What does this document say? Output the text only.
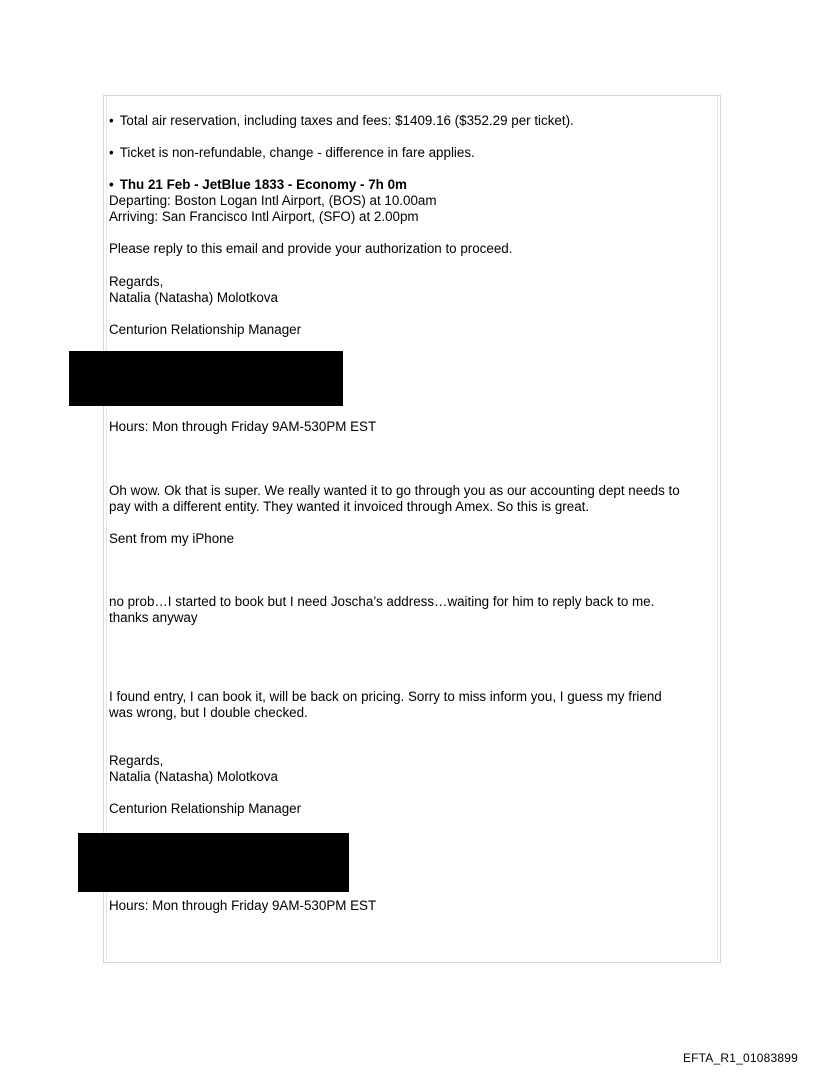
• Total air reservation, including taxes and fees: $1409.16 ($352.29 per ticket).
• Ticket is non-refundable, change - difference in fare applies.
• Thu 21 Feb - JetBlue 1833 - Economy - 7h 0m
Departing: Boston Logan Intl Airport, (BOS) at 10.00am
Arriving: San Francisco Intl Airport, (SFO) at 2.00pm
Please reply to this email and provide your authorization to proceed.
Regards,
Natalia (Natasha) Molotkova
Centurion Relationship Manager
Hours: Mon through Friday 9AM-530PM EST
Oh wow. Ok that is super. We really wanted it to go through you as our accounting dept needs to
pay with a different entity. They wanted it invoiced through Amex. So this is great.
Sent from my iPhone
no prob…I started to book but I need Joscha’s address…waiting for him to reply back to me.
thanks anyway
I found entry, I can book it, will be back on pricing. Sorry to miss inform you, I guess my friend
was wrong, but I double checked.
Regards,
Natalia (Natasha) Molotkova
Centurion Relationship Manager
Hours: Mon through Friday 9AM-530PM EST
EFTA_R1_01083899
